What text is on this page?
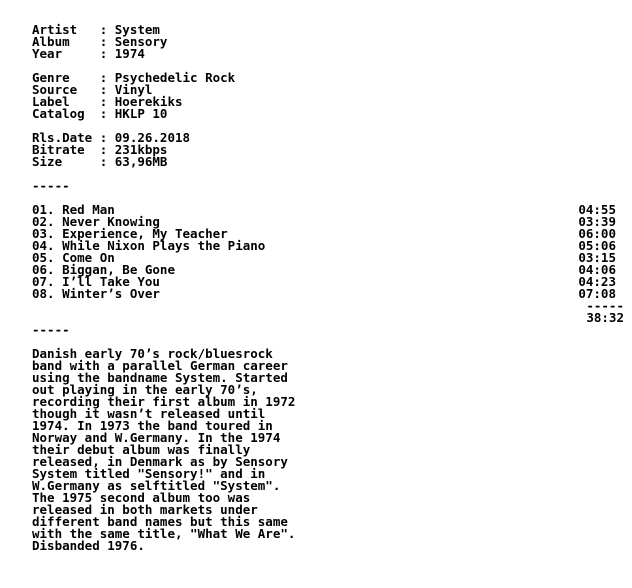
Artist   : System
Album    : Sensory
Year     : 1974
Genre    : Psychedelic Rock
Source   : Vinyl
Label    : Hoerekiks
Catalog  : HKLP 10
Rls.Date : 09.26.2018
Bitrate  : 231kbps
Size     : 63,96MB
-----
01. Red Man	04:55
02. Never Knowing	03:39
03. Experience, My Teacher	06:00
04. While Nixon Plays the Piano	05:06
05. Come On	03:15
06. Biggan, Be Gone	04:06
07. I’ll Take You	04:23
08. Winter’s Over	07:08
-----
38:32
-----
Danish early 70’s rock/bluesrock
band with a parallel German career
using the bandname System. Started
out playing in the early 70’s,
recording their first album in 1972
though it wasn’t released until
1974. In 1973 the band toured in
Norway and W.Germany. In the 1974
their debut album was finally
released, in Denmark as by Sensory
System titled "Sensory!" and in
W.Germany as selftitled "System".
The 1975 second album too was
released in both markets under
different band names but this same
with the same title, "What We Are".
Disbanded 1976.
